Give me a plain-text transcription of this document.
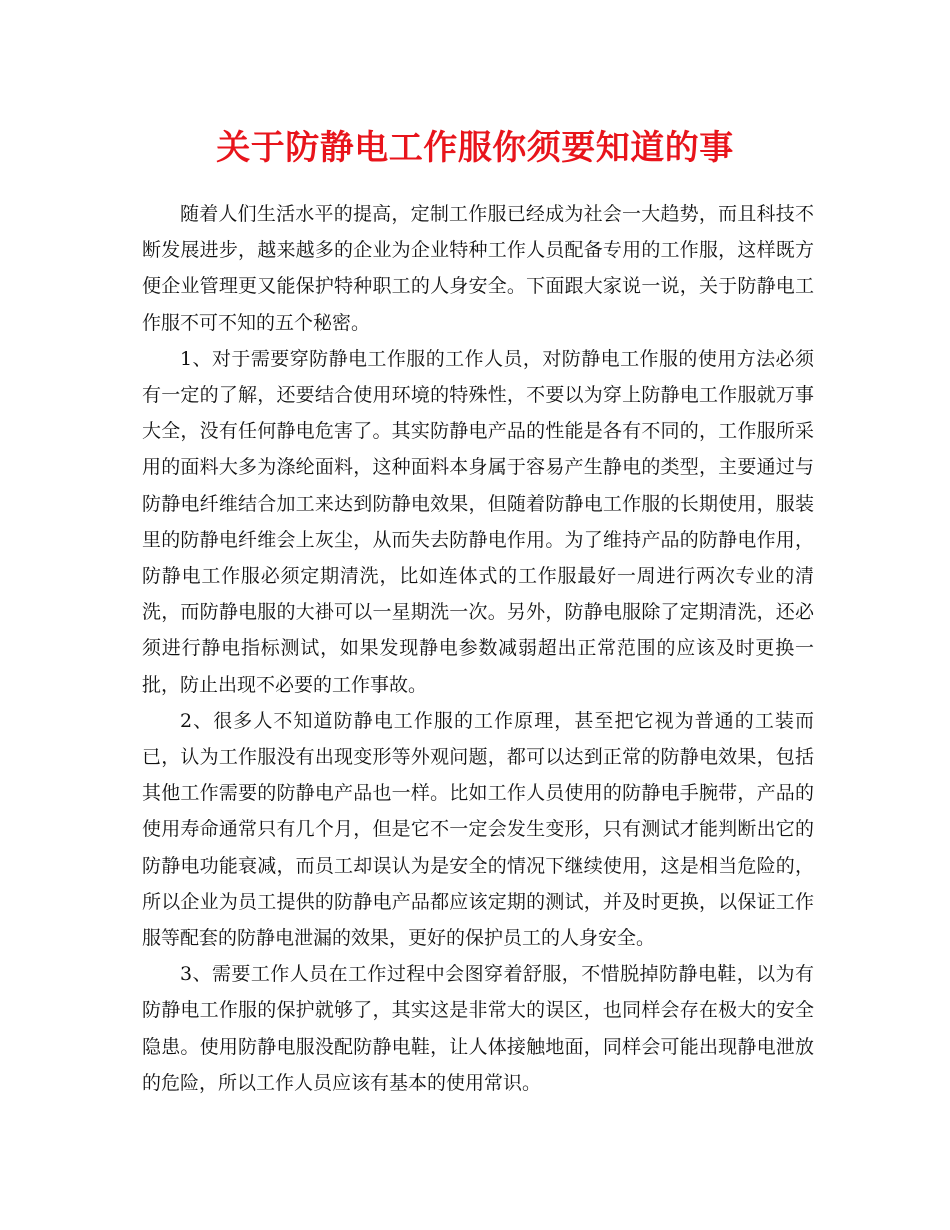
关于防静电工作服你须要知道的事

随着人们生活水平的提高，定制工作服已经成为社会一大趋势，而且科技不断发展进步，越来越多的企业为企业特种工作人员配备专用的工作服，这样既方便企业管理更又能保护特种职工的人身安全。下面跟大家说一说，关于防静电工作服不可不知的五个秘密。

1、对于需要穿防静电工作服的工作人员，对防静电工作服的使用方法必须有一定的了解，还要结合使用环境的特殊性，不要以为穿上防静电工作服就万事大全，没有任何静电危害了。其实防静电产品的性能是各有不同的，工作服所采用的面料大多为涤纶面料，这种面料本身属于容易产生静电的类型，主要通过与防静电纤维结合加工来达到防静电效果，但随着防静电工作服的长期使用，服装里的防静电纤维会上灰尘，从而失去防静电作用。为了维持产品的防静电作用，防静电工作服必须定期清洗，比如连体式的工作服最好一周进行两次专业的清洗，而防静电服的大褂可以一星期洗一次。另外，防静电服除了定期清洗，还必须进行静电指标测试，如果发现静电参数减弱超出正常范围的应该及时更换一批，防止出现不必要的工作事故。

2、很多人不知道防静电工作服的工作原理，甚至把它视为普通的工装而已，认为工作服没有出现变形等外观问题，都可以达到正常的防静电效果，包括其他工作需要的防静电产品也一样。比如工作人员使用的防静电手腕带，产品的使用寿命通常只有几个月，但是它不一定会发生变形，只有测试才能判断出它的防静电功能衰减，而员工却误认为是安全的情况下继续使用，这是相当危险的，所以企业为员工提供的防静电产品都应该定期的测试，并及时更换，以保证工作服等配套的防静电泄漏的效果，更好的保护员工的人身安全。

3、需要工作人员在工作过程中会图穿着舒服，不惜脱掉防静电鞋，以为有防静电工作服的保护就够了，其实这是非常大的误区，也同样会存在极大的安全隐患。使用防静电服没配防静电鞋，让人体接触地面，同样会可能出现静电泄放的危险，所以工作人员应该有基本的使用常识。
